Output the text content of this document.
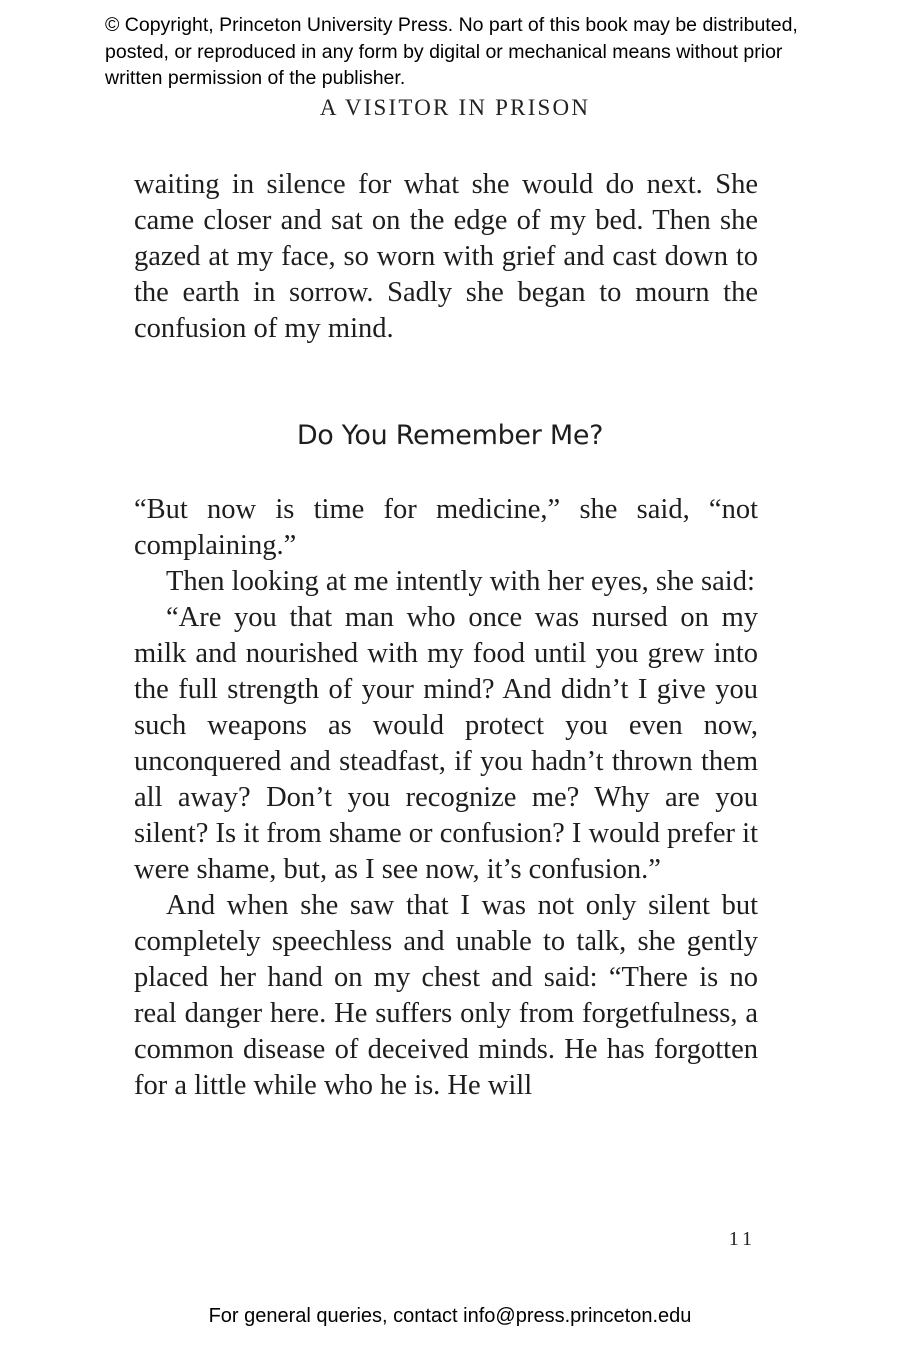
© Copyright, Princeton University Press. No part of this book may be distributed, posted, or reproduced in any form by digital or mechanical means without prior written permission of the publisher.
A VISITOR IN PRISON

waiting in silence for what she would do next. She came closer and sat on the edge of my bed. Then she gazed at my face, so worn with grief and cast down to the earth in sorrow. Sadly she began to mourn the confusion of my mind.

Do You Remember Me?

“But now is time for medicine,” she said, “not complaining.”

Then looking at me intently with her eyes, she said:

“Are you that man who once was nursed on my milk and nourished with my food until you grew into the full strength of your mind? And didn’t I give you such weapons as would protect you even now, unconquered and steadfast, if you hadn’t thrown them all away? Don’t you recognize me? Why are you silent? Is it from shame or confusion? I would prefer it were shame, but, as I see now, it’s confusion.”

And when she saw that I was not only silent but completely speechless and unable to talk, she gently placed her hand on my chest and said: “There is no real danger here. He suffers only from forgetfulness, a common disease of deceived minds. He has forgotten for a little while who he is. He will

11
For general queries, contact info@press.princeton.edu
